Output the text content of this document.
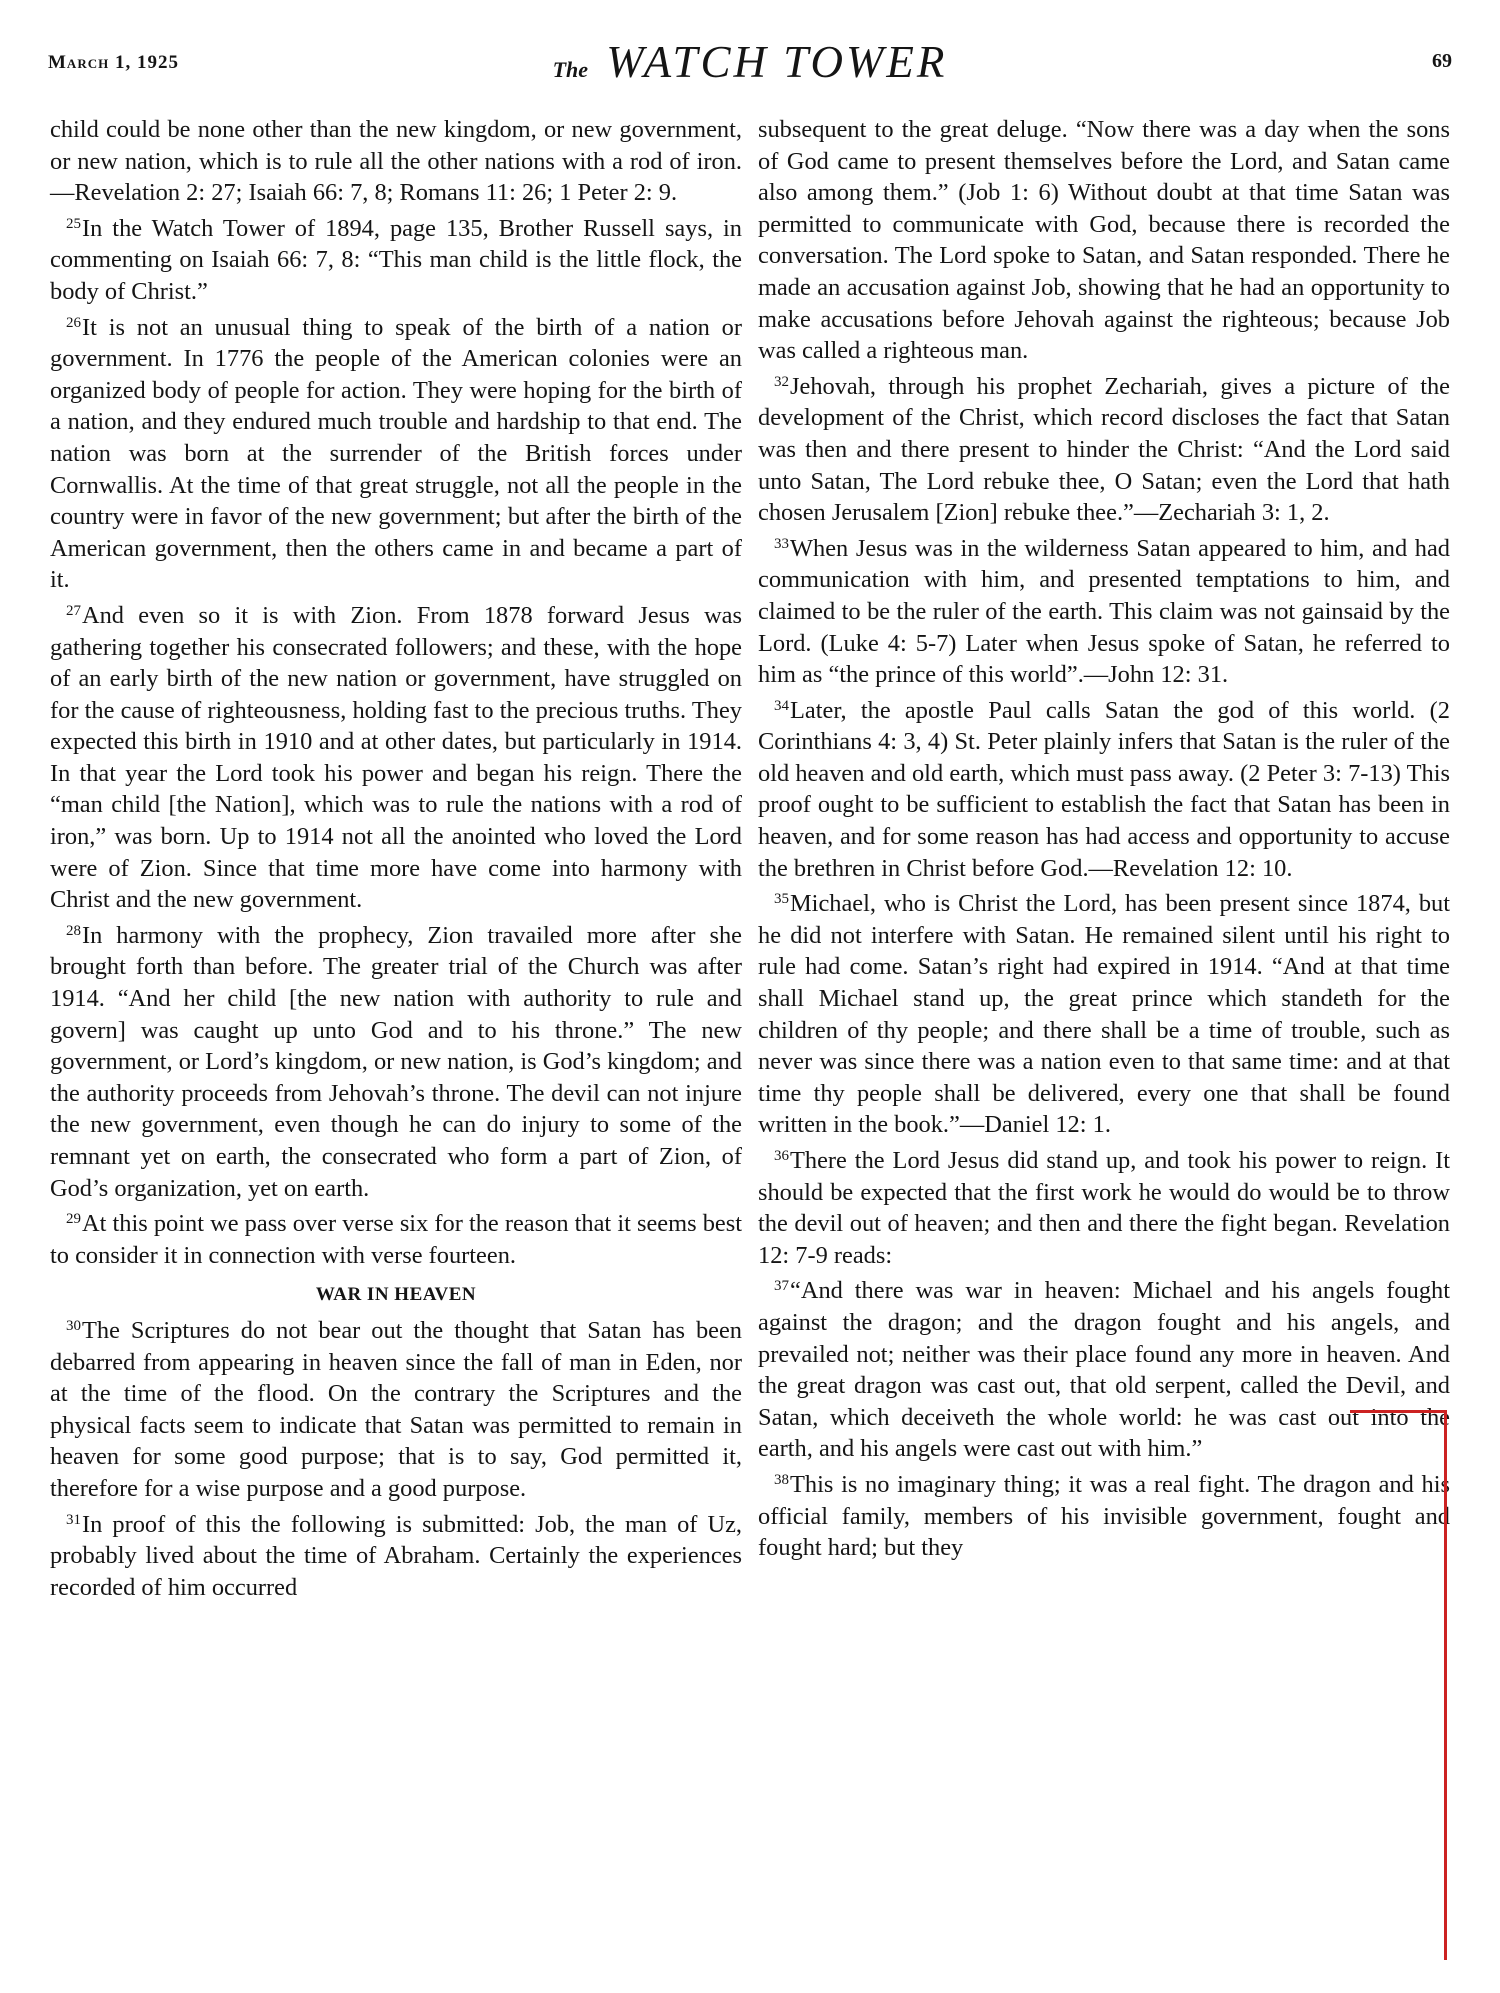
March 1, 1925	The WATCH TOWER	69

child could be none other than the new kingdom, or new government, or new nation, which is to rule all the other nations with a rod of iron.—Revelation 2: 27; Isaiah 66: 7, 8; Romans 11: 26; 1 Peter 2: 9.

$^{25}$In the Watch Tower of 1894, page 135, Brother Russell says, in commenting on Isaiah 66: 7, 8: “This man child is the little flock, the body of Christ.”

$^{26}$It is not an unusual thing to speak of the birth of a nation or government. In 1776 the people of the American colonies were an organized body of people for action. They were hoping for the birth of a nation, and they endured much trouble and hardship to that end. The nation was born at the surrender of the British forces under Cornwallis. At the time of that great struggle, not all the people in the country were in favor of the new government; but after the birth of the American government, then the others came in and became a part of it.

$^{27}$And even so it is with Zion. From 1878 forward Jesus was gathering together his consecrated followers; and these, with the hope of an early birth of the new nation or government, have struggled on for the cause of righteousness, holding fast to the precious truths. They expected this birth in 1910 and at other dates, but particularly in 1914. In that year the Lord took his power and began his reign. There the “man child [the Nation], which was to rule the nations with a rod of iron,” was born. Up to 1914 not all the anointed who loved the Lord were of Zion. Since that time more have come into harmony with Christ and the new government.

$^{28}$In harmony with the prophecy, Zion travailed more after she brought forth than before. The greater trial of the Church was after 1914. “And her child [the new nation with authority to rule and govern] was caught up unto God and to his throne.” The new government, or Lord’s kingdom, or new nation, is God’s kingdom; and the authority proceeds from Jehovah’s throne. The devil can not injure the new government, even though he can do injury to some of the remnant yet on earth, the consecrated who form a part of Zion, of God’s organization, yet on earth.

$^{29}$At this point we pass over verse six for the reason that it seems best to consider it in connection with verse fourteen.

WAR IN HEAVEN

$^{30}$The Scriptures do not bear out the thought that Satan has been debarred from appearing in heaven since the fall of man in Eden, nor at the time of the flood. On the contrary the Scriptures and the physical facts seem to indicate that Satan was permitted to remain in heaven for some good purpose; that is to say, God permitted it, therefore for a wise purpose and a good purpose.

$^{31}$In proof of this the following is submitted: Job, the man of Uz, probably lived about the time of Abraham. Certainly the experiences recorded of him occurred

subsequent to the great deluge. “Now there was a day when the sons of God came to present themselves before the Lord, and Satan came also among them.” (Job 1: 6) Without doubt at that time Satan was permitted to communicate with God, because there is recorded the conversation. The Lord spoke to Satan, and Satan responded. There he made an accusation against Job, showing that he had an opportunity to make accusations before Jehovah against the righteous; because Job was called a righteous man.

$^{32}$Jehovah, through his prophet Zechariah, gives a picture of the development of the Christ, which record discloses the fact that Satan was then and there present to hinder the Christ: “And the Lord said unto Satan, The Lord rebuke thee, O Satan; even the Lord that hath chosen Jerusalem [Zion] rebuke thee.”—Zechariah 3: 1, 2.

$^{33}$When Jesus was in the wilderness Satan appeared to him, and had communication with him, and presented temptations to him, and claimed to be the ruler of the earth. This claim was not gainsaid by the Lord. (Luke 4: 5-7) Later when Jesus spoke of Satan, he referred to him as “the prince of this world”.—John 12: 31.

$^{34}$Later, the apostle Paul calls Satan the god of this world. (2 Corinthians 4: 3, 4) St. Peter plainly infers that Satan is the ruler of the old heaven and old earth, which must pass away. (2 Peter 3: 7-13) This proof ought to be sufficient to establish the fact that Satan has been in heaven, and for some reason has had access and opportunity to accuse the brethren in Christ before God.—Revelation 12: 10.

$^{35}$Michael, who is Christ the Lord, has been present since 1874, but he did not interfere with Satan. He remained silent until his right to rule had come. Satan’s right had expired in 1914. “And at that time shall Michael stand up, the great prince which standeth for the children of thy people; and there shall be a time of trouble, such as never was since there was a nation even to that same time: and at that time thy people shall be delivered, every one that shall be found written in the book.”—Daniel 12: 1.

$^{36}$There the Lord Jesus did stand up, and took his power to reign. It should be expected that the first work he would do would be to throw the devil out of heaven; and then and there the fight began. Revelation 12: 7-9 reads:

$^{37}$“And there was war in heaven: Michael and his angels fought against the dragon; and the dragon fought and his angels, and prevailed not; neither was their place found any more in heaven. And the great dragon was cast out, that old serpent, called the Devil, and Satan, which deceiveth the whole world: he was cast out into the earth, and his angels were cast out with him.”

$^{38}$This is no imaginary thing; it was a real fight. The dragon and his official family, members of his invisible government, fought and fought hard; but they
